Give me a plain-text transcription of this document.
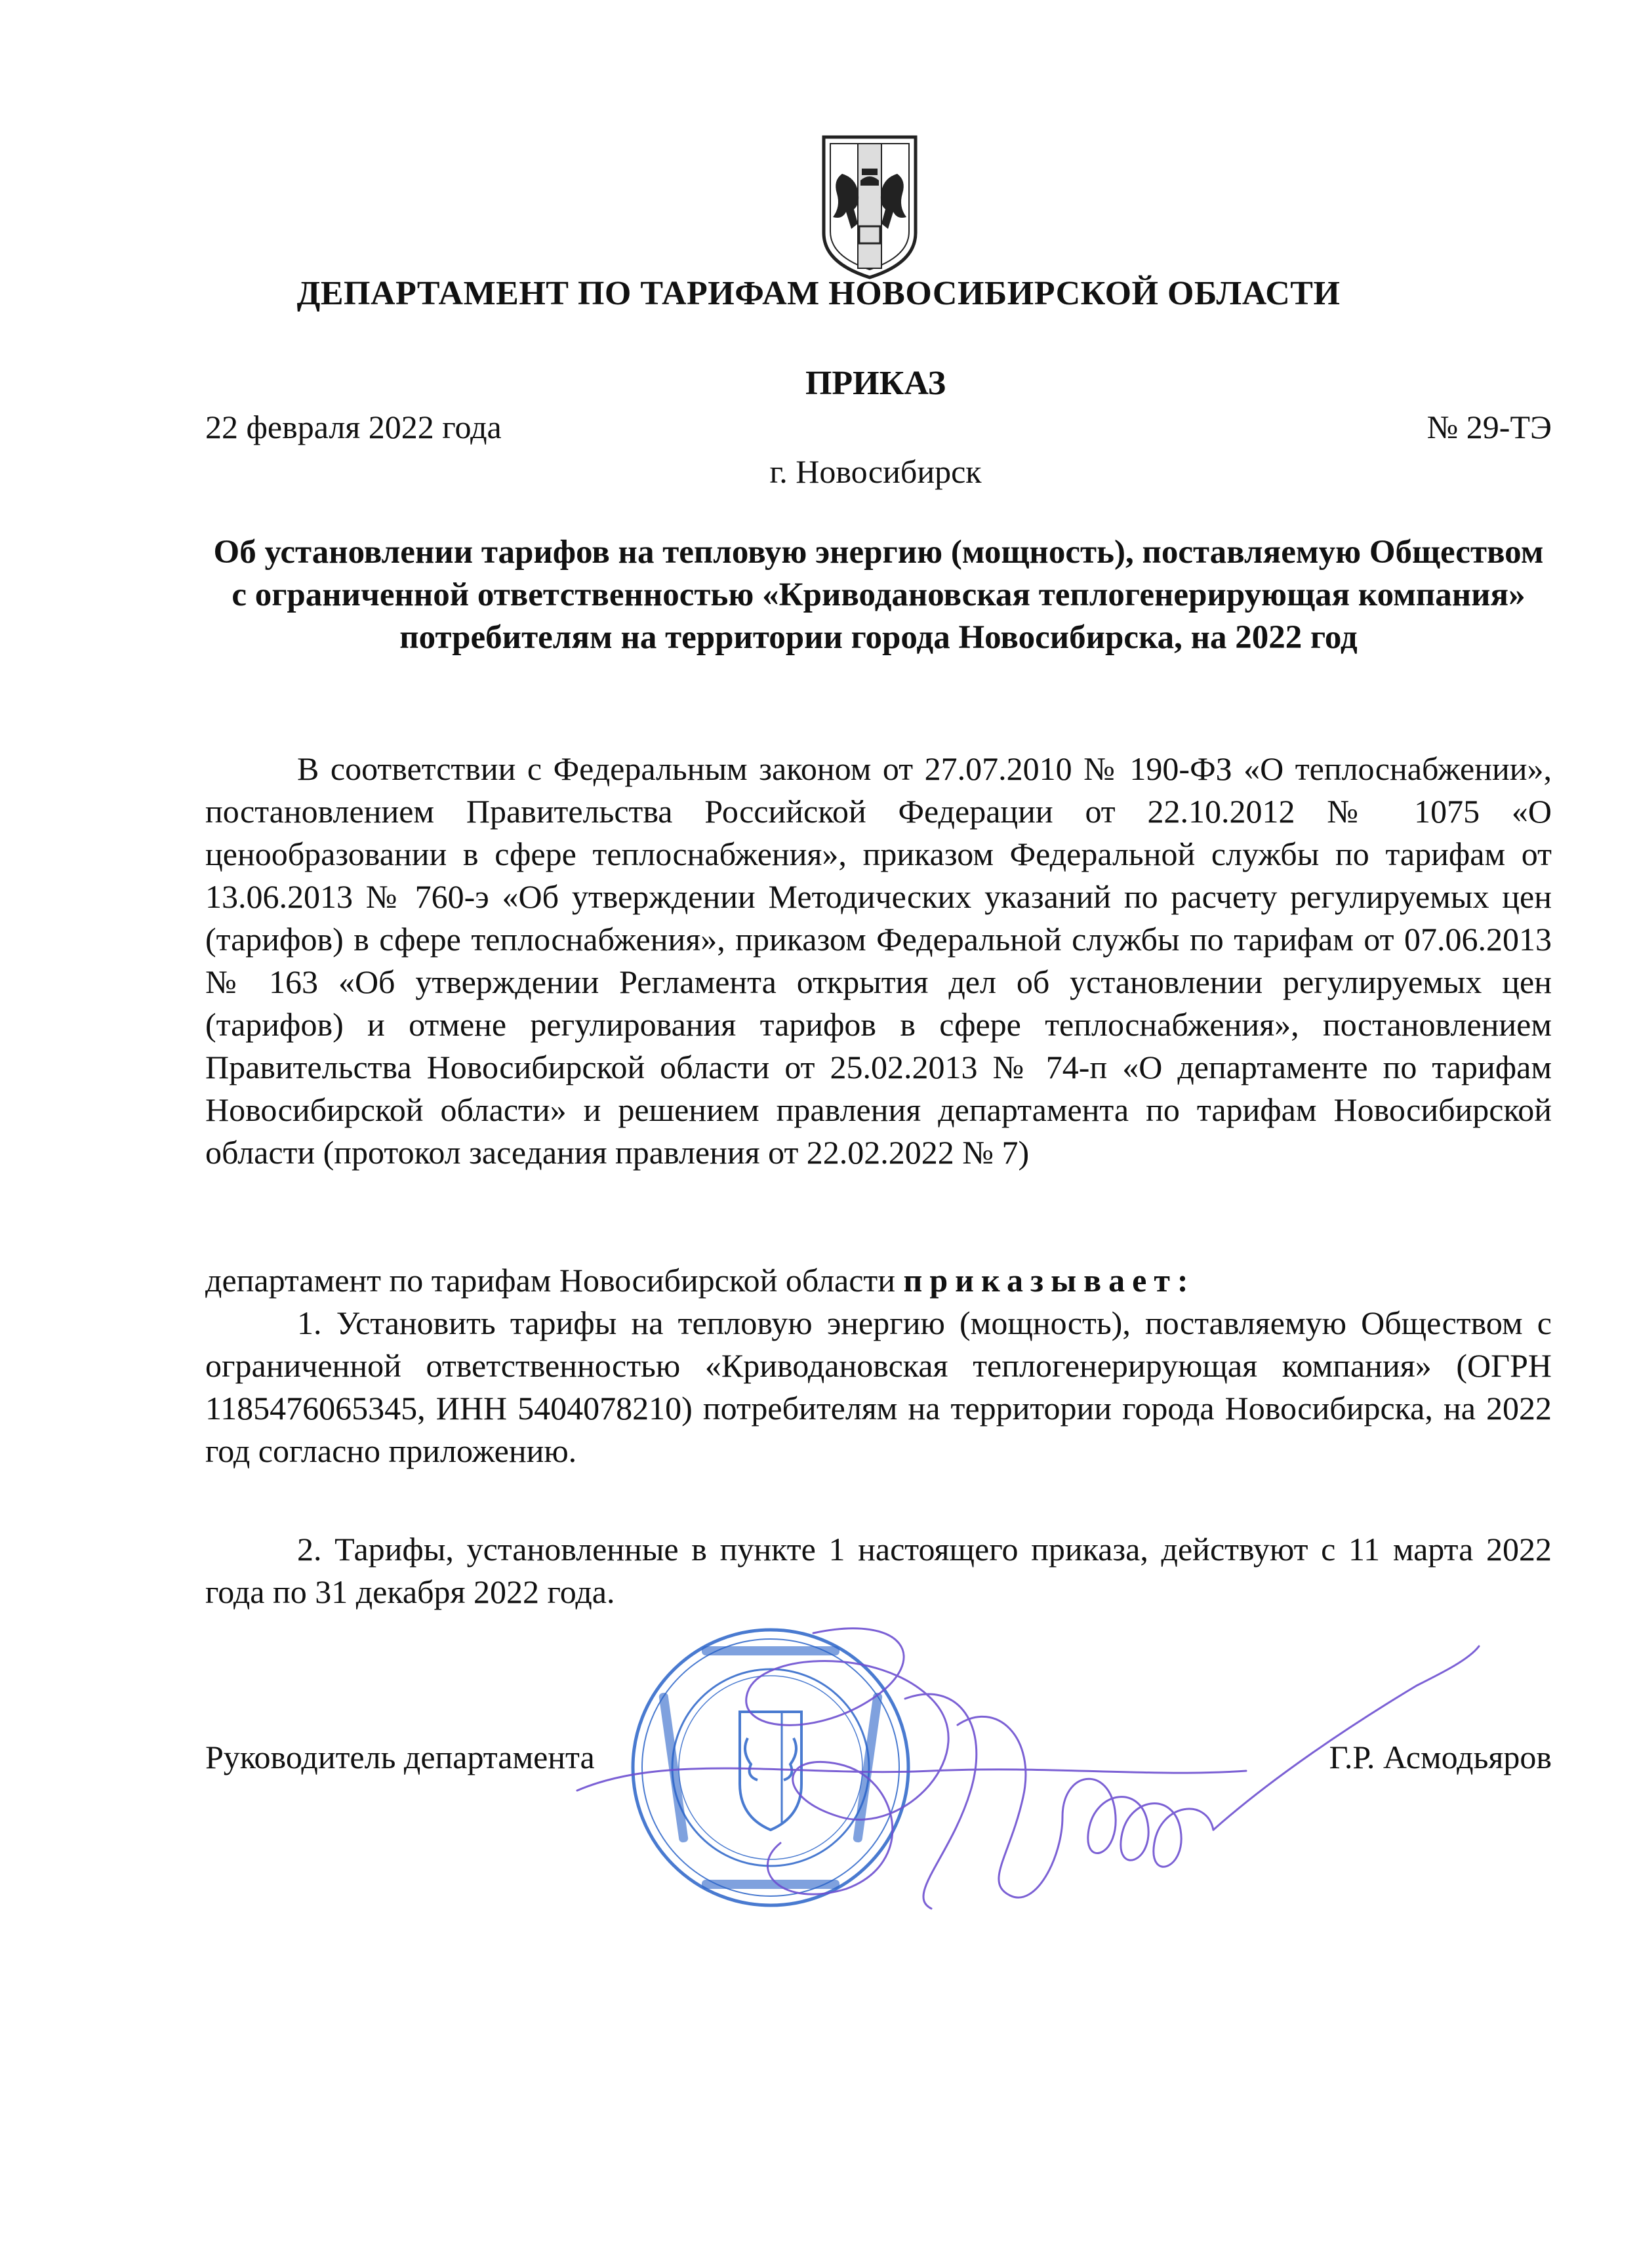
ДЕПАРТАМЕНТ ПО ТАРИФАМ НОВОСИБИРСКОЙ ОБЛАСТИ
ПРИКАЗ
22 февраля 2022 года	№ 29-ТЭ
г. Новосибирск

Об установлении тарифов на тепловую энергию (мощность), поставляемую Обществом с ограниченной ответственностью «Криводановская теплогенерирующая компания» потребителям на территории города Новосибирска, на 2022 год

В соответствии с Федеральным законом от 27.07.2010 № 190-ФЗ «О теплоснабжении», постановлением Правительства Российской Федерации от 22.10.2012 № 1075 «О ценообразовании в сфере теплоснабжения», приказом Федеральной службы по тарифам от 13.06.2013 № 760-э «Об утверждении Методических указаний по расчету регулируемых цен (тарифов) в сфере теплоснабжения», приказом Федеральной службы по тарифам от 07.06.2013 № 163 «Об утверждении Регламента открытия дел об установлении регулируемых цен (тарифов) и отмене регулирования тарифов в сфере теплоснабжения», постановлением Правительства Новосибирской области от 25.02.2013 № 74-п «О департаменте по тарифам Новосибирской области» и решением правления департамента по тарифам Новосибирской области (протокол заседания правления от 22.02.2022 № 7)

департамент по тарифам Новосибирской области приказывает:

1. Установить тарифы на тепловую энергию (мощность), поставляемую Обществом с ограниченной ответственностью «Криводановская теплогенерирующая компания» (ОГРН 1185476065345, ИНН 5404078210) потребителям на территории города Новосибирска, на 2022 год согласно приложению.

2. Тарифы, установленные в пункте 1 настоящего приказа, действуют с 11 марта 2022 года по 31 декабря 2022 года.

Руководитель департамента	Г.Р. Асмодьяров
